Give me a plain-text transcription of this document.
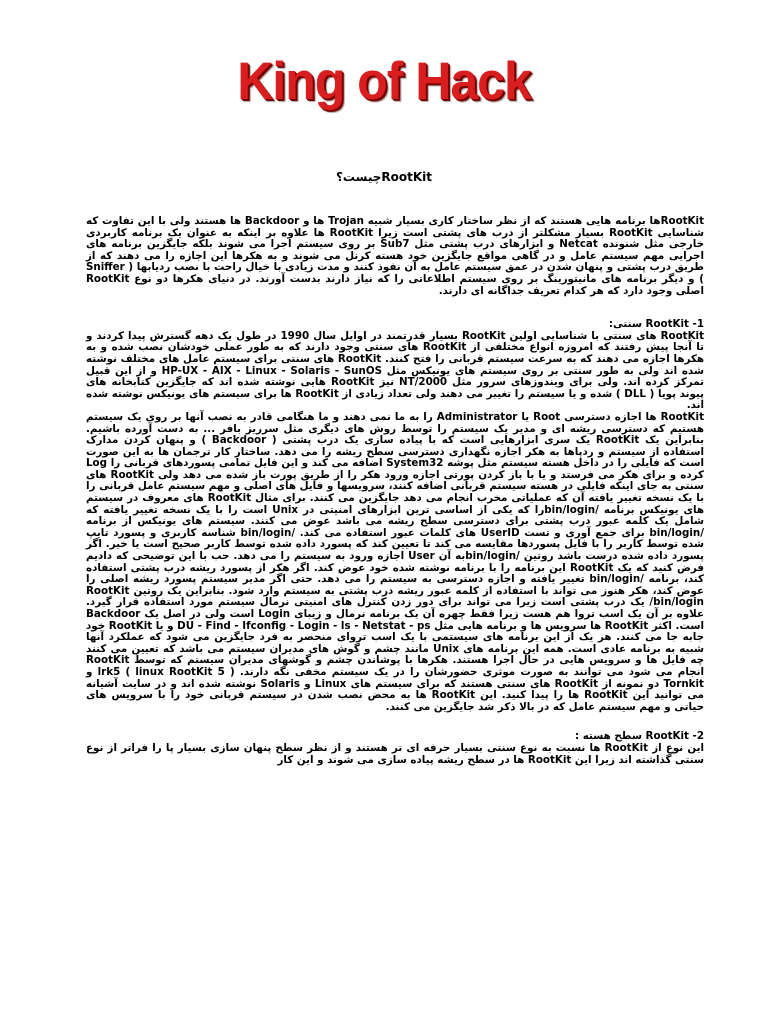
King of Hack
RootKitچیست؟

RootKitها برنامه هایی هستند که از نظر ساختار کاری بسیار شبیه Trojan ها و Backdoor ها هستند ولی با این تفاوت که شناسایی RootKit بسیار مشکلتر از درب های پشتی است زیرا RootKit ها علاوه بر اینکه به عنوان یک برنامه کاربردی خارجی مثل شنونده Netcat و ابزارهای درب پشتی مثل Sub7 بر روی سیستم اجرا می شوند بلکه جایگزین برنامه های اجرایی مهم سیستم عامل و در گاهی مواقع جایگزین خود هسته کرنل می شوند و به هکرها این اجازه را می دهند که از طریق درب پشتی و پنهان شدن در عمق سیستم عامل به آن نفوذ کنند و مدت زیادی با خیال راحت با نصب ردیابها ( Sniffer ) و دیگر برنامه های مانیتورینگ بر روی سیستم اطلاعاتی را که نیاز دارند بدست آورند. در دنیای هکرها دو نوع RootKit اصلی وجود دارد که هر کدام تعریف جداگانه ای دارند.

RootKit -1 سنتی:

RootKit های سنتی با شناسایی اولین RootKit بسیار قدرتمند در اوایل سال 1990 در طول یک دهه گسترش پیدا کردند و تا آنجا پیش رفتند که امروزه انواع مختلفی از RootKit های سنتی وجود دارند که به طور عملی خودشان نصب شده و به هکرها اجازه می دهند که به سرعت سیستم قربانی را فتح کنند. RootKit های سنتی برای سیستم عامل های مختلف نوشته شده اند ولی به طور سنتی بر روی سیستم های یونیکس مثل HP-UX - AIX - Linux - Solaris - SunOS و از این قبیل تمرکز کرده اند. ولی برای ویندوزهای سرور مثل NT/2000 نیز RootKit هایی نوشته شده اند که جایگزین کتابخانه های پیوند پویا ( DLL ) شده و یا سیستم را تغییر می دهند ولی تعداد زیادی از RootKit ها برای سیستم های یونیکس نوشته شده اند.

RootKit ها اجازه دسترسی Root یا Administrator را به ما نمی دهند و ما هنگامی قادر به نصب آنها بر روی یک سیستم هستیم که دسترسی ریشه ای و مدیر یک سیستم را توسط روش های دیگری مثل سرریز بافر ... به دست آورده باشیم. بنابراین یک RootKit یک سری ابزارهایی است که با پیاده سازی یک درب پشتی ( Backdoor ) و پنهان کردن مدارک استفاده از سیستم و ردپاها به هکر اجازه نگهداری دسترسی سطح ریشه را می دهد. ساختار کار ترجمان ها به این صورت است که فایلی را در داخل هسته سیستم مثل پوشه System32 اضافه می کند و این فایل تمامی پسوردهای قربانی را Log کرده و برای هکر می فرستد و یا با باز کردن پورتی اجازه ورود هکر را از طریق پورت باز شده می دهد ولی RootKit های سنتی به جای اینکه فایلی در هسته سیستم قربانی اضافه کنند، سرویسها و فایل های اصلی و مهم سیستم عامل قربانی را با یک نسخه تغییر یافته آن که عملیاتی مخرب انجام می دهد جایگزین می کنند. برای مثال RootKit های معروف در سیستم های یونیکس برنامه /bin/loginرا که یکی از اساسی ترین ابزارهای امنیتی در Unix است را با یک نسخه تغییر یافته که شامل یک کلمه عبور درب پشتی برای دسترسی سطح ریشه می باشد عوض می کنند. سیستم های یونیکس از برنامه /bin/login برای جمع آوری و تست UserID های کلمات عبور استفاده می کند. /bin/login شناسه کاربری و پسورد تایپ شده توسط کاربر را با فایل پسوردها مقایسه می کند تا تعیین کند که پسورد داده شده توسط کاربر صحیح است یا خیر. اگر پسورد داده شده درست باشد روتین /bin/loginبه آن User اجازه ورود به سیستم را می دهد. حب با این توضیحی که دادیم فرض کنید که یک RootKit این برنامه را با برنامه نوشته شده خود عوض کند. اگر هکر از پسورد ریشه درب پشتی استفاده کند، برنامه /bin/login تغییر یافته و اجازه دسترسی به سیستم را می دهد. حتی اگر مدیر سیستم پسورد ریشه اصلی را عوض کند، هکر هنوز می تواند با استفاده از کلمه عبور ریشه درب پشتی به سیستم وارد شود. بنابراین یک روتین RootKit /bin/login یک درب پشتی است زیرا می تواند برای دور زدن کنترل های امنیتی نرمال سیستم مورد استفاده قرار گیرد. علاوه بر آن یک اسب تروا هم هست زیرا فقط چهره آن یک برنامه نرمال و زیبای Login است ولی در اصل یک Backdoor است. اکثر RootKit ها سرویس ها و برنامه هایی مثل DU - Find - Ifconfig - Login - ls - Netstat - ps و یا RootKit خود جابه جا می کنند. هر یک از این برنامه های سیستمی با یک اسب تروای منحصر به فرد جایگزین می شود که عملکرد آنها شبیه به برنامه عادی است. همه این برنامه های Unix مانند چشم و گوش های مدیران سیستم می باشد که تعیین می کنند چه فایل ها و سرویس هایی در حال اجرا هستند. هکرها با پوشاندن چشم و گوشهای مدیران سیستم که توسط RootKit انجام می شود می توانند به صورت موثری حضورشان را در یک سیستم مخفی نگه دارند. lrk5 ( linux RootKit 5 ) و Tornkit دو نمونه از RootKit های سنتی هستند که برای سیستم های Linux و Solaris نوشته شده اند و در سایت آشیانه می توانید این RootKit ها را پیدا کنید. این RootKit ها به محض نصب شدن در سیستم قربانی خود را با سرویس های حیاتی و مهم سیستم عامل که در بالا ذکر شد جایگزین می کنند.

RootKit -2 سطح هسته :

این نوع از RootKit ها نسبت به نوع سنتی بسیار حرفه ای تر هستند و از نظر سطح پنهان سازی بسیار پا را فراتر از نوع سنتی گذاشته اند زیرا این RootKit ها در سطح ریشه پیاده سازی می شوند و این کار
